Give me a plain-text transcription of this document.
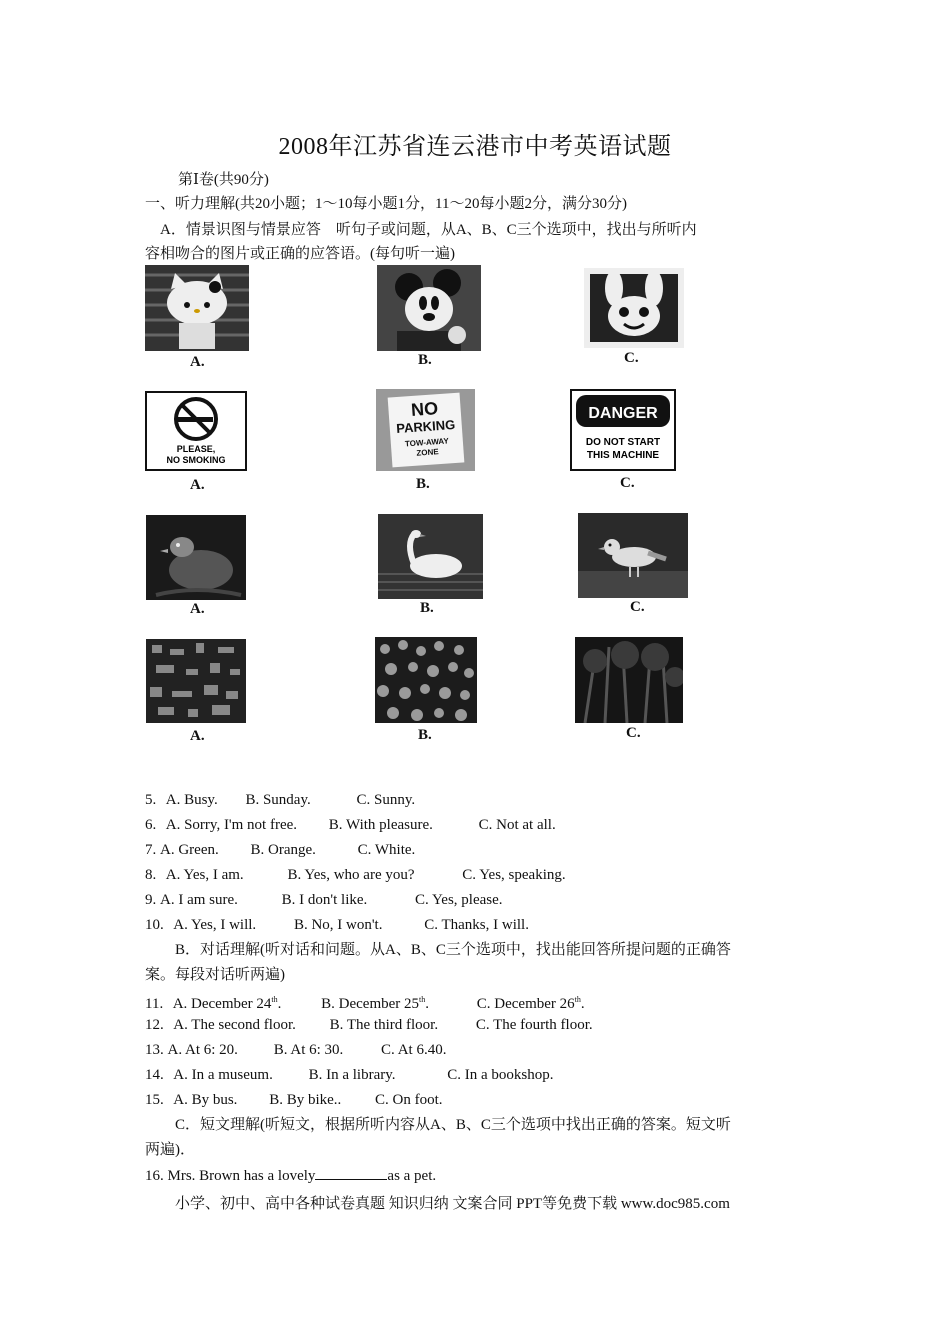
2008年江苏省连云港市中考英语试题
第Ⅰ卷(共90分)
一、听力理解(共20小题；1～10每小题1分，11～20每小题2分，满分30分)
A．情景识图与情景应答　听句子或问题，从A、B、C三个选项中，找出与所听内
容相吻合的图片或正确的应答语。(每句听一遍)
A.	B.	C.
PLEASE,
NO SMOKING
A.
NO
PARKING
TOW-AWAY
ZONE
B.
DANGER
DO NOT START
THIS MACHINE
C.
A.	B.	C.
A.	B.	C.
5. A. Busy. B. Sunday.	C. Sunny.
6. A. Sorry, I'm not free. B. With pleasure.	C. Not at all.
7. A. Green. B. Orange.	C. White.
8. A. Yes, I am.	B. Yes, who are you?	C. Yes, speaking.
9. A. I am sure.	B. I don't like.	C. Yes, please.
10. A. Yes, I will.	B. No, I won't.	C. Thanks, I will.
B．对话理解(听对话和问题。从A、B、C三个选项中，找出能回答所提问题的正确答
案。每段对话听两遍)
11. A. December 24th.	B. December 25th.	C. December 26th.
12. A. The second floor. B. The third floor.	C. The fourth floor.
13. A. At 6: 20. B. At 6: 30.	C. At 6.40.
14. A. In a museum. B. In a library.	C. In a bookshop.
15. A. By bus. B. By bike.. C. On foot.
C．短文理解(听短文，根据所听内容从A、B、C三个选项中找出正确的答案。短文听
两遍)．
16. Mrs. Brown has a lovely	as a pet.
小学、初中、高中各种试卷真题 知识归纳 文案合同 PPT等免费下载 www.doc985.com
